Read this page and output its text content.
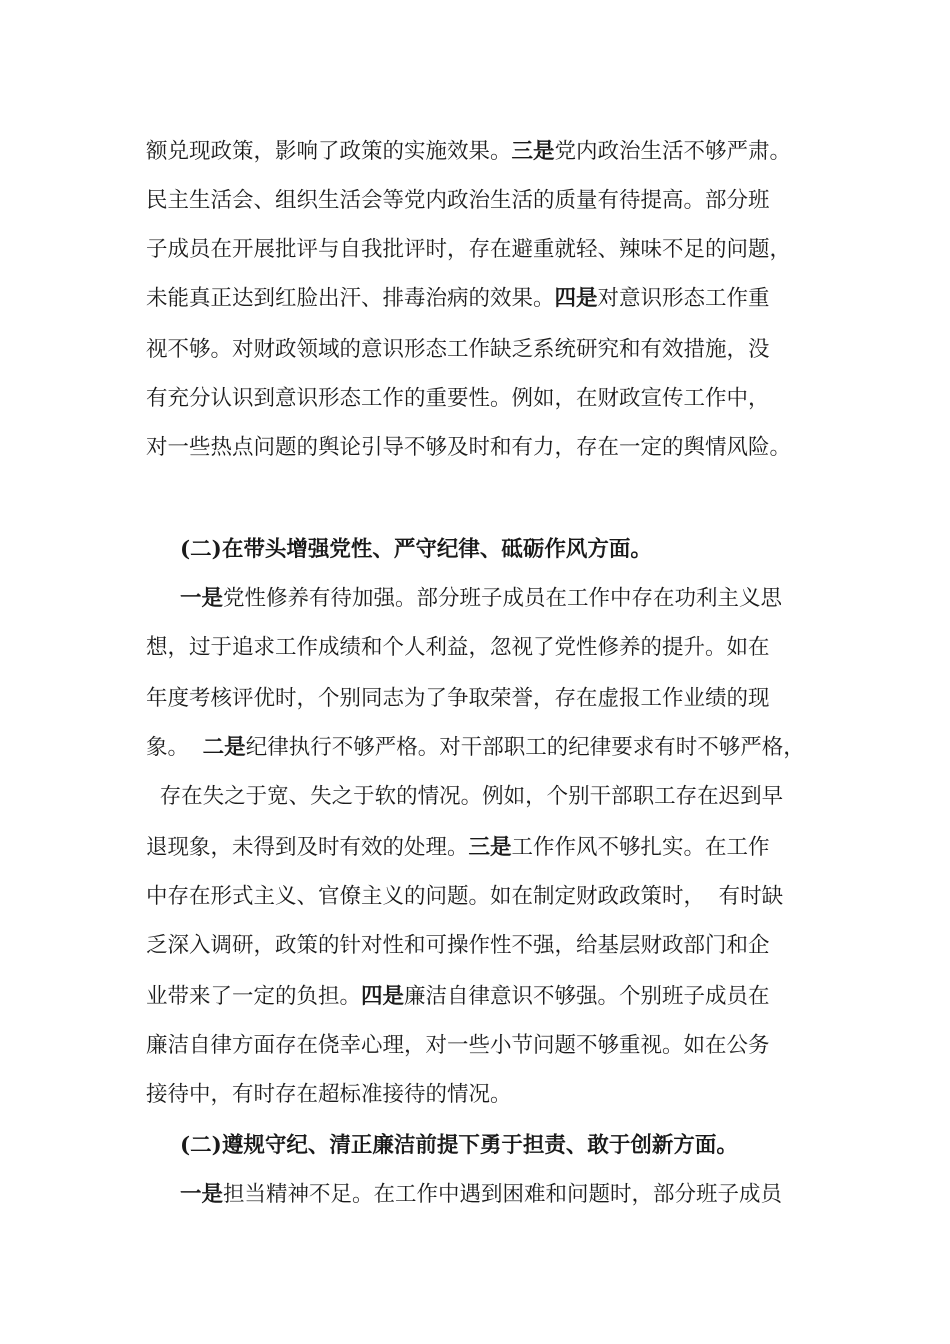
额兑现政策，影响了政策的实施效果。三是党内政治生活不够严肃。
民主生活会、组织生活会等党内政治生活的质量有待提高。部分班
子成员在开展批评与自我批评时，存在避重就轻、辣味不足的问题，
未能真正达到红脸出汗、排毒治病的效果。四是对意识形态工作重
视不够。对财政领域的意识形态工作缺乏系统研究和有效措施，没
有充分认识到意识形态工作的重要性。例如，在财政宣传工作中，
对一些热点问题的舆论引导不够及时和有力，存在一定的舆情风险。
(二)在带头增强党性、严守纪律、砥砺作风方面。
一是党性修养有待加强。部分班子成员在工作中存在功利主义思
想，过于追求工作成绩和个人利益，忽视了党性修养的提升。如在
年度考核评优时，个别同志为了争取荣誉，存在虚报工作业绩的现
象。  二是纪律执行不够严格。对干部职工的纪律要求有时不够严格，
存在失之于宽、失之于软的情况。例如，个别干部职工存在迟到早
退现象，未得到及时有效的处理。三是工作作风不够扎实。在工作
中存在形式主义、官僚主义的问题。如在制定财政政策时，  有时缺
乏深入调研，政策的针对性和可操作性不强，给基层财政部门和企
业带来了一定的负担。四是廉洁自律意识不够强。个别班子成员在
廉洁自律方面存在侥幸心理，对一些小节问题不够重视。如在公务
接待中，有时存在超标准接待的情况。
(二)遵规守纪、清正廉洁前提下勇于担责、敢于创新方面。
一是担当精神不足。在工作中遇到困难和问题时，部分班子成员
